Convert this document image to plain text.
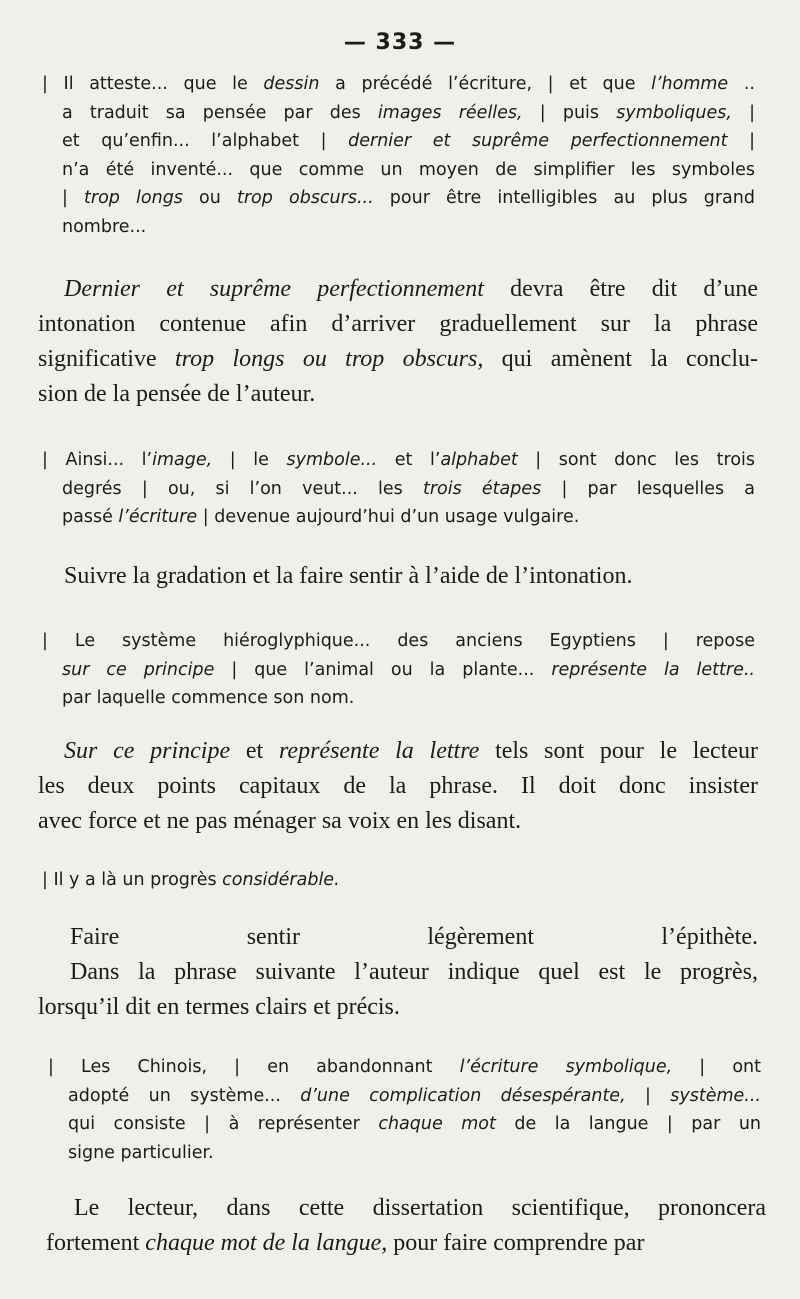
— 333 —
| Il atteste... que le dessin a précédé l’écriture, | et que l’homme ..
a traduit sa pensée par des images réelles, | puis symboliques, |
et qu’enfin... l’alphabet | dernier et suprême perfectionnement |
n’a été inventé... que comme un moyen de simplifier les symboles
| trop longs ou trop obscurs... pour être intelligibles au plus grand
nombre...
Dernier et suprême perfectionnement devra être dit d’une
intonation contenue afin d’arriver graduellement sur la phrase
significative trop longs ou trop obscurs, qui amènent la conclu-
sion de la pensée de l’auteur.
| Ainsi... l’image, | le symbole... et l’alphabet | sont donc les trois
degrés | ou, si l’on veut... les trois étapes | par lesquelles a
passé l’écriture | devenue aujourd’hui d’un usage vulgaire.
Suivre la gradation et la faire sentir à l’aide de l’intonation.
| Le système hiéroglyphique... des anciens Egyptiens | repose
sur ce principe | que l’animal ou la plante... représente la lettre..
par laquelle commence son nom.
Sur ce principe et représente la lettre tels sont pour le lecteur
les deux points capitaux de la phrase. Il doit donc insister
avec force et ne pas ménager sa voix en les disant.
| Il y a là un progrès considérable.
Faire sentir légèrement l’épithète.
Dans la phrase suivante l’auteur indique quel est le progrès,
lorsqu’il dit en termes clairs et précis.
| Les Chinois, | en abandonnant l’écriture symbolique, | ont
adopté un système... d’une complication désespérante, | système...
qui consiste | à représenter chaque mot de la langue | par un
signe particulier.
Le lecteur, dans cette dissertation scientifique, prononcera
fortement chaque mot de la langue, pour faire comprendre par
